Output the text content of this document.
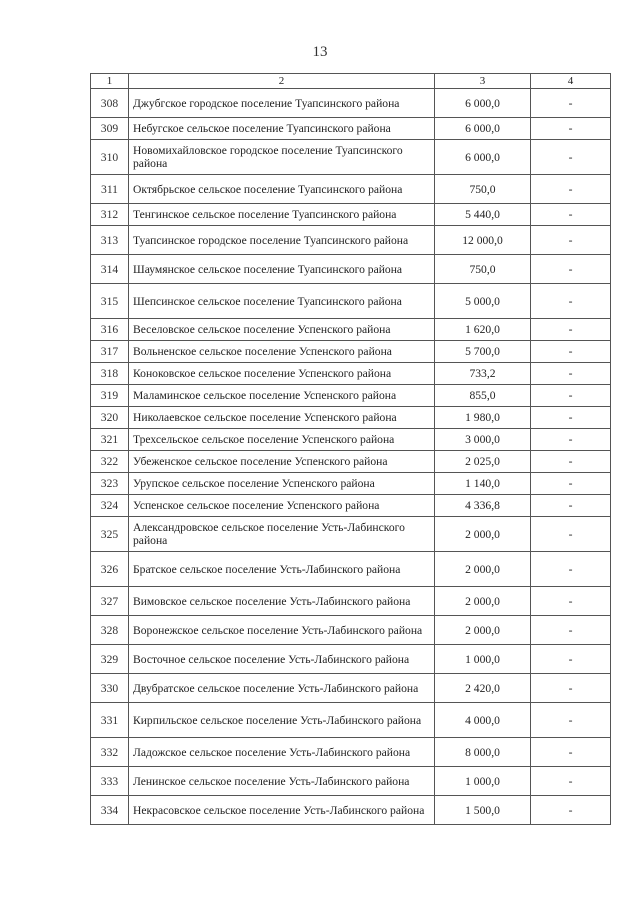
13
1	2	3	4
308	Джубгское городское поселение Туапсинского района	6 000,0	-
309	Небугское сельское поселение Туапсинского района	6 000,0	-
310	Новомихайловское городское поселение Туапсинского района	6 000,0	-
311	Октябрьское сельское поселение Туапсинского района	750,0	-
312	Тенгинское сельское поселение Туапсинского района	5 440,0	-
313	Туапсинское городское поселение Туапсинского района	12 000,0	-
314	Шаумянское сельское поселение Туапсинского района	750,0	-
315	Шепсинское сельское поселение Туапсинского района	5 000,0	-
316	Веселовское сельское поселение Успенского района	1 620,0	-
317	Вольненское сельское поселение Успенского района	5 700,0	-
318	Коноковское сельское поселение Успенского района	733,2	-
319	Маламинское сельское поселение Успенского района	855,0	-
320	Николаевское сельское поселение Успенского района	1 980,0	-
321	Трехсельское сельское поселение Успенского района	3 000,0	-
322	Убеженское сельское поселение Успенского района	2 025,0	-
323	Урупское сельское поселение Успенского района	1 140,0	-
324	Успенское сельское поселение Успенского района	4 336,8	-
325	Александровское сельское поселение Усть-Лабинского района	2 000,0	-
326	Братское сельское поселение Усть-Лабинского района	2 000,0	-
327	Вимовское сельское поселение Усть-Лабинского района	2 000,0	-
328	Воронежское сельское поселение Усть-Лабинского района	2 000,0	-
329	Восточное сельское поселение Усть-Лабинского района	1 000,0	-
330	Двубратское сельское поселение Усть-Лабинского района	2 420,0	-
331	Кирпильское сельское поселение Усть-Лабинского района	4 000,0	-
332	Ладожское сельское поселение Усть-Лабинского района	8 000,0	-
333	Ленинское сельское поселение Усть-Лабинского района	1 000,0	-
334	Некрасовское сельское поселение Усть-Лабинского района	1 500,0	-
